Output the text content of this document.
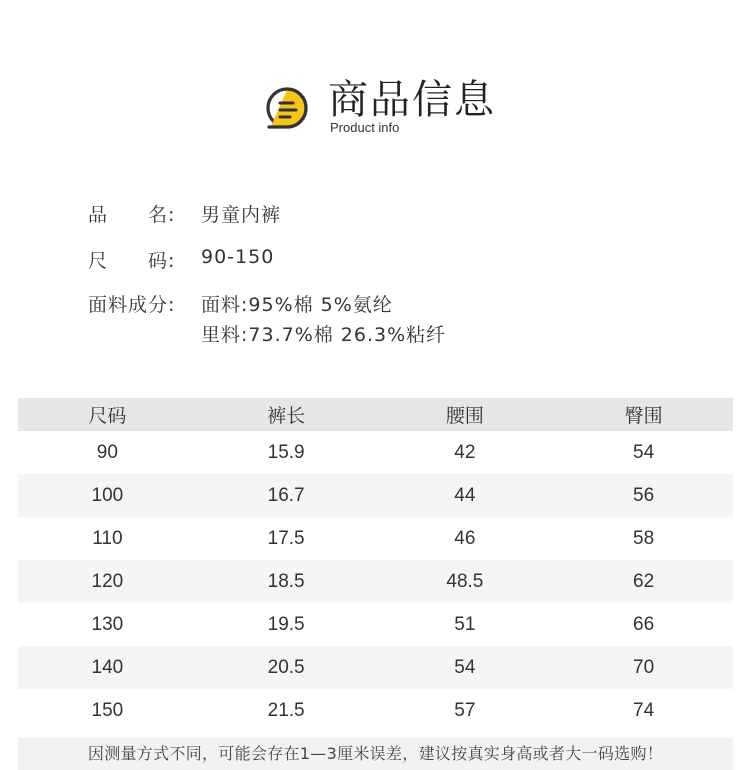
商品信息
Product info
品　　名: 男童内裤
尺　　码: 90-150
面料成分: 面料:95%棉 5%氨纶
里料:73.7%棉 26.3%粘纤
尺码	裤长	腰围	臀围
90	15.9	42	54
100	16.7	44	56
110	17.5	46	58
120	18.5	48.5	62
130	19.5	51	66
140	20.5	54	70
150	21.5	57	74
因测量方式不同，可能会存在1—3厘米误差，建议按真实身高或者大一码选购！
